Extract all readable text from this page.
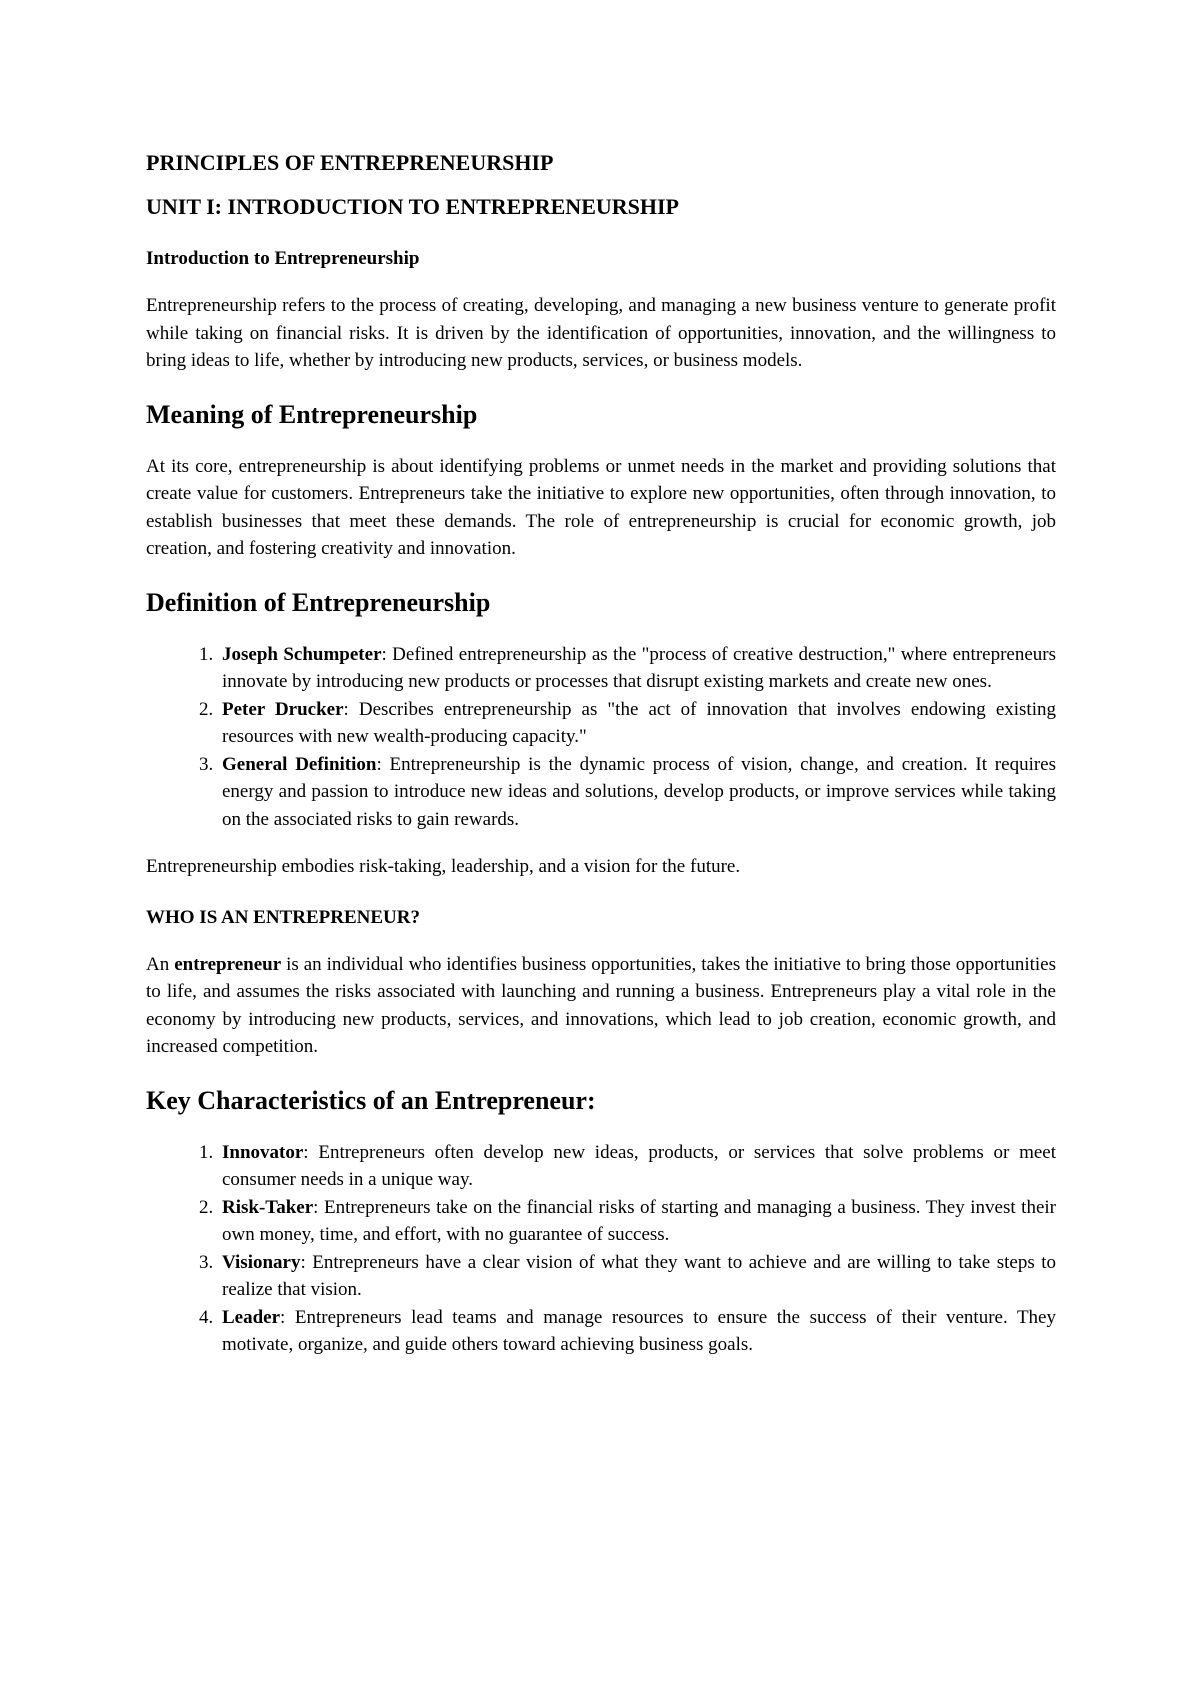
PRINCIPLES OF ENTREPRENEURSHIP
UNIT I: INTRODUCTION TO ENTREPRENEURSHIP
Introduction to Entrepreneurship

Entrepreneurship refers to the process of creating, developing, and managing a new business venture to generate profit while taking on financial risks. It is driven by the identification of opportunities, innovation, and the willingness to bring ideas to life, whether by introducing new products, services, or business models.

Meaning of Entrepreneurship

At its core, entrepreneurship is about identifying problems or unmet needs in the market and providing solutions that create value for customers. Entrepreneurs take the initiative to explore new opportunities, often through innovation, to establish businesses that meet these demands. The role of entrepreneurship is crucial for economic growth, job creation, and fostering creativity and innovation.

Definition of Entrepreneurship
1. Joseph Schumpeter: Defined entrepreneurship as the "process of creative destruction," where entrepreneurs innovate by introducing new products or processes that disrupt existing markets and create new ones.
2. Peter Drucker: Describes entrepreneurship as "the act of innovation that involves endowing existing resources with new wealth-producing capacity."
3. General Definition: Entrepreneurship is the dynamic process of vision, change, and creation. It requires energy and passion to introduce new ideas and solutions, develop products, or improve services while taking on the associated risks to gain rewards.

Entrepreneurship embodies risk-taking, leadership, and a vision for the future.

WHO IS AN ENTREPRENEUR?

An entrepreneur is an individual who identifies business opportunities, takes the initiative to bring those opportunities to life, and assumes the risks associated with launching and running a business. Entrepreneurs play a vital role in the economy by introducing new products, services, and innovations, which lead to job creation, economic growth, and increased competition.

Key Characteristics of an Entrepreneur:
1. Innovator: Entrepreneurs often develop new ideas, products, or services that solve problems or meet consumer needs in a unique way.
2. Risk-Taker: Entrepreneurs take on the financial risks of starting and managing a business. They invest their own money, time, and effort, with no guarantee of success.
3. Visionary: Entrepreneurs have a clear vision of what they want to achieve and are willing to take steps to realize that vision.
4. Leader: Entrepreneurs lead teams and manage resources to ensure the success of their venture. They motivate, organize, and guide others toward achieving business goals.
